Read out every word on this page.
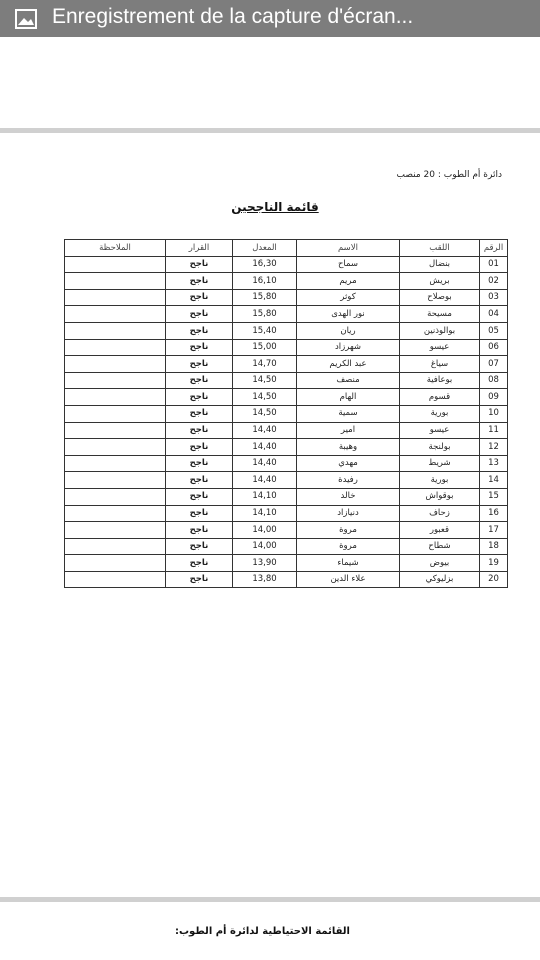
Enregistrement de la capture d'écran...
دائرة أم الطوب : 20 منصب
قائمة الناجحين
الرقم	اللقب	الاسم	المعدل	القرار	الملاحظة
01	بنضال	سماح	16,30	ناجح	
02	بريش	مريم	16,10	ناجح	
03	بوصلاح	كوثر	15,80	ناجح	
04	مسيحة	نور الهدى	15,80	ناجح	
05	بوالوذنين	ريان	15,40	ناجح	
06	عيسو	شهرزاد	15,00	ناجح	
07	سياغ	عبد الكريم	14,70	ناجح	
08	بوعافية	منصف	14,50	ناجح	
09	قسوم	الهام	14,50	ناجح	
10	بورية	سمية	14,50	ناجح	
11	عيسو	امير	14,40	ناجح	
12	بولنجة	وهيبة	14,40	ناجح	
13	شريط	مهدي	14,40	ناجح	
14	بورية	رفيدة	14,40	ناجح	
15	بوقواش	خالد	14,10	ناجح	
16	زحاف	دنيازاد	14,10	ناجح	
17	قعبور	مروة	14,00	ناجح	
18	شطاح	مروة	14,00	ناجح	
19	بيوض	شيماء	13,90	ناجح	
20	بزليوكي	علاء الدين	13,80	ناجح	
القائمة الاحتياطية لدائرة أم الطوب:
